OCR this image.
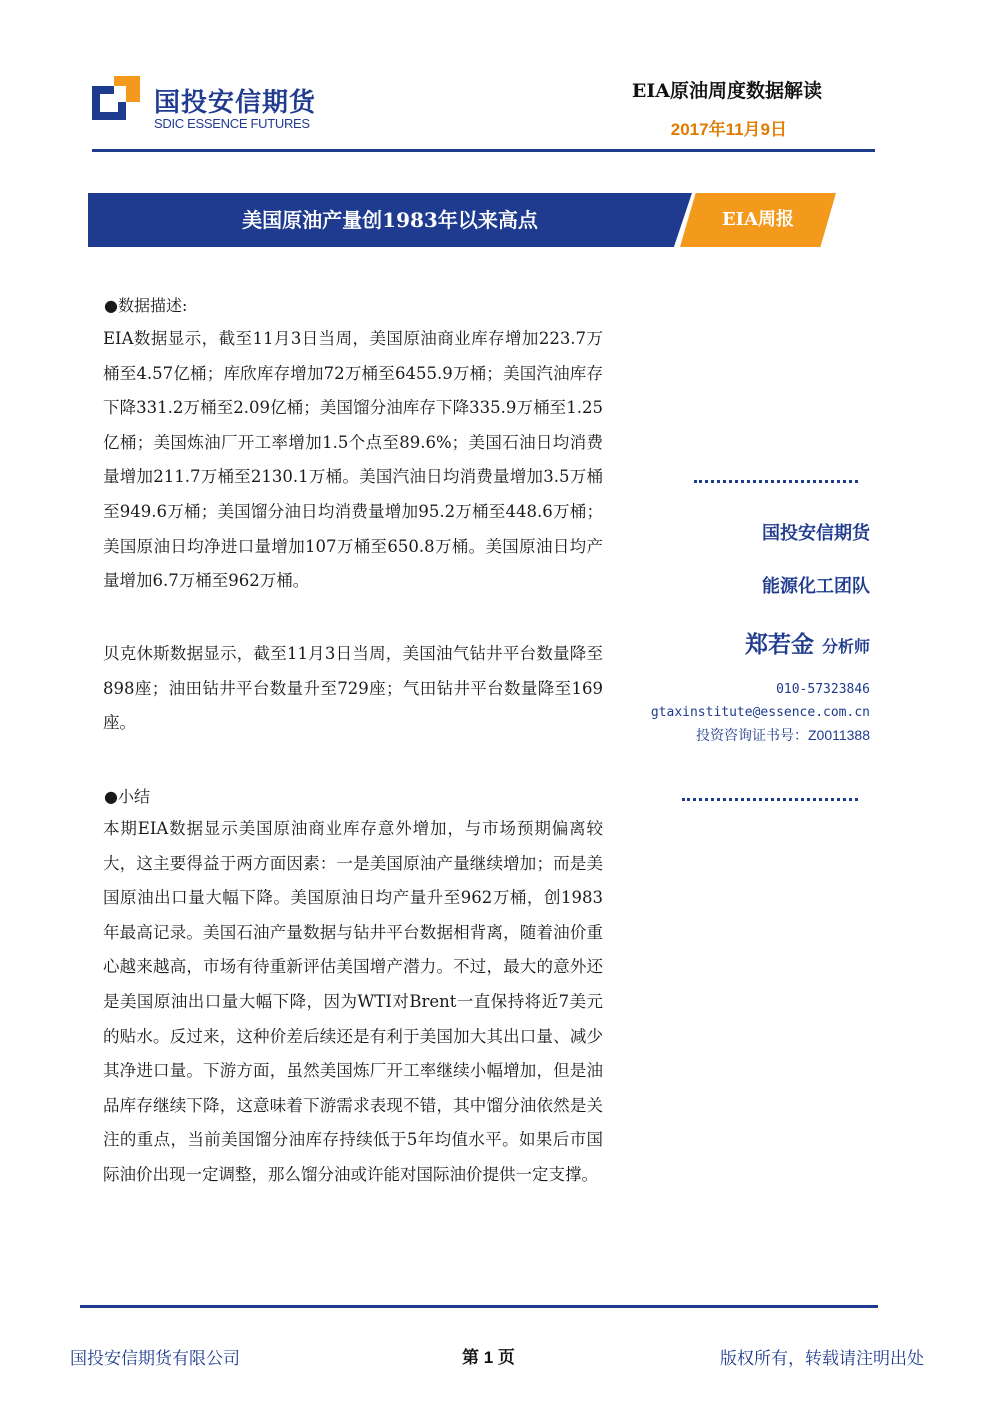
国投安信期货
SDIC ESSENCE FUTURES
EIA原油周度数据解读
2017年11月9日
美国原油产量创1983年以来高点	EIA周报
●数据描述:

EIA数据显示，截至11月3日当周，美国原油商业库存增加223.7万桶至4.57亿桶；库欣库存增加72万桶至6455.9万桶；美国汽油库存下降331.2万桶至2.09亿桶；美国馏分油库存下降335.9万桶至1.25亿桶；美国炼油厂开工率增加1.5个点至89.6%；美国石油日均消费量增加211.7万桶至2130.1万桶。美国汽油日均消费量增加3.5万桶至949.6万桶；美国馏分油日均消费量增加95.2万桶至448.6万桶；美国原油日均净进口量增加107万桶至650.8万桶。美国原油日均产量增加6.7万桶至962万桶。

贝克休斯数据显示，截至11月3日当周，美国油气钻井平台数量降至898座；油田钻井平台数量升至729座；气田钻井平台数量降至169座。

●小结

本期EIA数据显示美国原油商业库存意外增加，与市场预期偏离较大，这主要得益于两方面因素：一是美国原油产量继续增加；而是美国原油出口量大幅下降。美国原油日均产量升至962万桶，创1983年最高记录。美国石油产量数据与钻井平台数据相背离，随着油价重心越来越高，市场有待重新评估美国增产潜力。不过，最大的意外还是美国原油出口量大幅下降，因为WTI对Brent一直保持将近7美元的贴水。反过来，这种价差后续还是有利于美国加大其出口量、减少其净进口量。下游方面，虽然美国炼厂开工率继续小幅增加，但是油品库存继续下降，这意味着下游需求表现不错，其中馏分油依然是关注的重点，当前美国馏分油库存持续低于5年均值水平。如果后市国际油价出现一定调整，那么馏分油或许能对国际油价提供一定支撑。

国投安信期货
能源化工团队
郑若金 分析师
010-57323846
gtaxinstitute@essence.com.cn
投资咨询证书号：Z0011388
国投安信期货有限公司	第 1 页	版权所有，转载请注明出处
